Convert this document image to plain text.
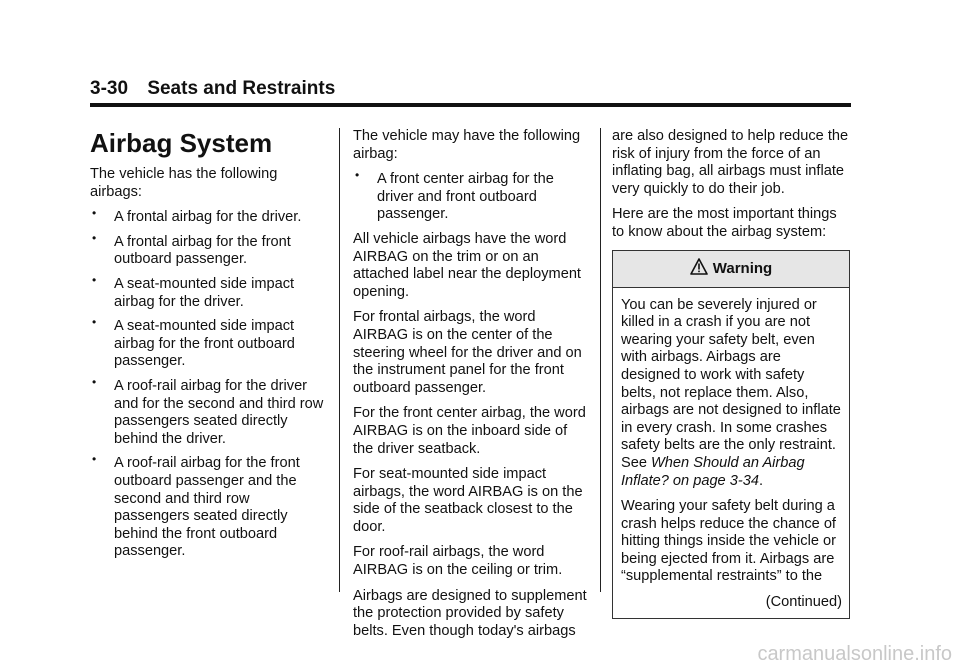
3-30 Seats and Restraints
Airbag System

The vehicle has the following airbags:

• A frontal airbag for the driver.
• A frontal airbag for the front outboard passenger.
• A seat-mounted side impact airbag for the driver.
• A seat-mounted side impact airbag for the front outboard passenger.
• A roof-rail airbag for the driver and for the second and third row passengers seated directly behind the driver.
• A roof-rail airbag for the front outboard passenger and the second and third row passengers seated directly behind the front outboard passenger.

The vehicle may have the following airbag:

• A front center airbag for the driver and front outboard passenger.

All vehicle airbags have the word AIRBAG on the trim or on an attached label near the deployment opening.

For frontal airbags, the word AIRBAG is on the center of the steering wheel for the driver and on the instrument panel for the front outboard passenger.

For the front center airbag, the word AIRBAG is on the inboard side of the driver seatback.

For seat-mounted side impact airbags, the word AIRBAG is on the side of the seatback closest to the door.

For roof-rail airbags, the word AIRBAG is on the ceiling or trim.

Airbags are designed to supplement the protection provided by safety belts. Even though today's airbags

are also designed to help reduce the risk of injury from the force of an inflating bag, all airbags must inflate very quickly to do their job.

Here are the most important things to know about the airbag system:

Warning

You can be severely injured or killed in a crash if you are not wearing your safety belt, even with airbags. Airbags are designed to work with safety belts, not replace them. Also, airbags are not designed to inflate in every crash. In some crashes safety belts are the only restraint. See When Should an Airbag Inflate? on page 3-34.

Wearing your safety belt during a crash helps reduce the chance of hitting things inside the vehicle or being ejected from it. Airbags are “supplemental restraints” to the

(Continued)

carmanualsonline.info
